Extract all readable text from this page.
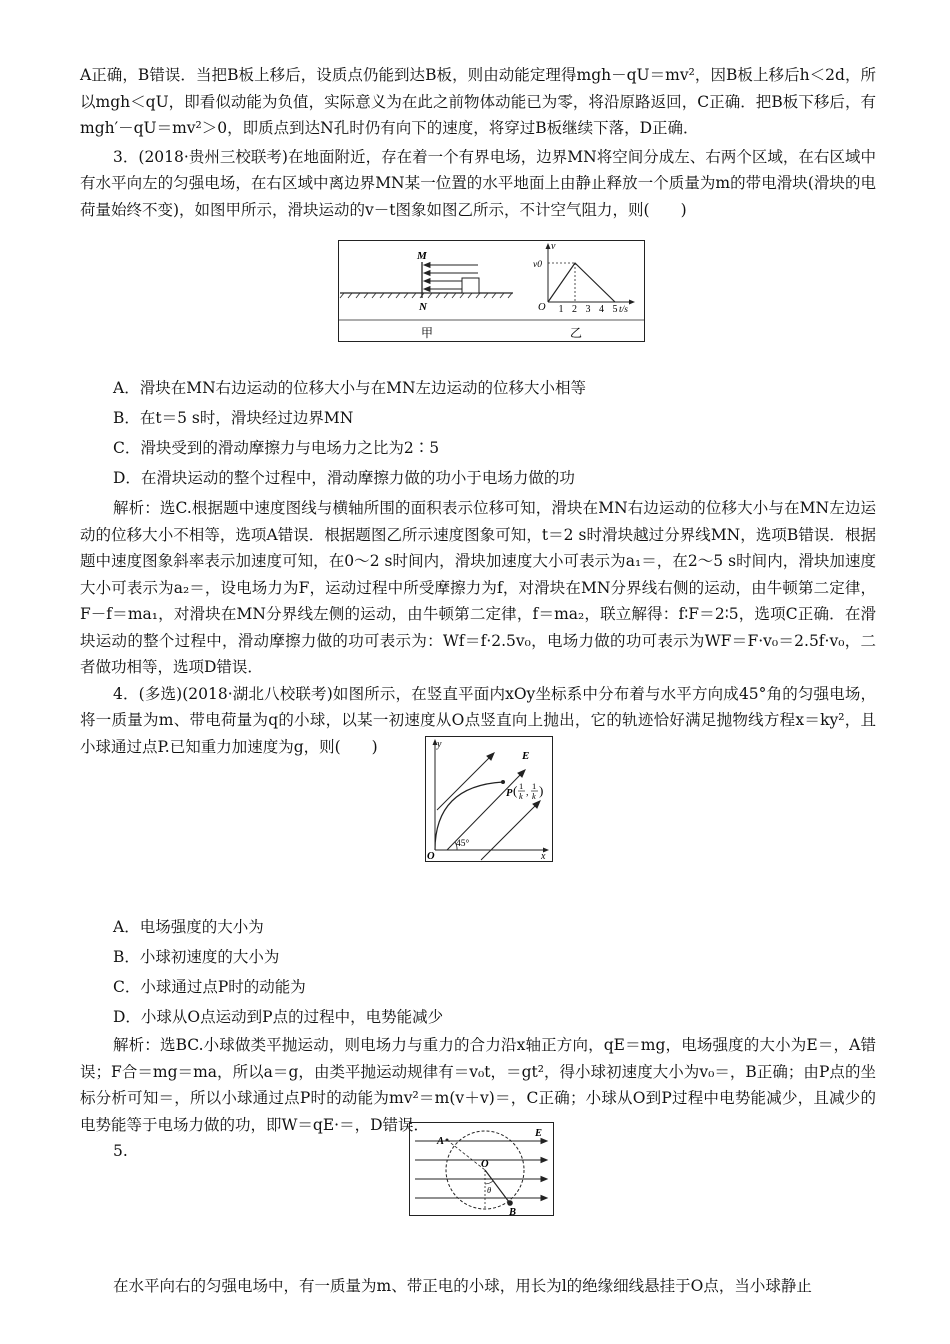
A正确，B错误．当把B板上移后，设质点仍能到达B板，则由动能定理得mgh－qU＝mv²，因B板上移后h＜2d，所以mgh＜qU，即看似动能为负值，实际意义为在此之前物体动能已为零，将沿原路返回，C正确．把B板下移后，有mgh′－qU＝mv²＞0，即质点到达N孔时仍有向下的速度，将穿过B板继续下落，D正确．

3．(2018·贵州三校联考)在地面附近，存在着一个有界电场，边界MN将空间分成左、右两个区域，在右区域中有水平向左的匀强电场，在右区域中离边界MN某一位置的水平地面上由静止释放一个质量为m的带电滑块(滑块的电荷量始终不变)，如图甲所示，滑块运动的v－t图象如图乙所示，不计空气阻力，则(　　)

A．滑块在MN右边运动的位移大小与在MN左边运动的位移大小相等

B．在t＝5 s时，滑块经过边界MN

C．滑块受到的滑动摩擦力与电场力之比为2∶5

D．在滑块运动的整个过程中，滑动摩擦力做的功小于电场力做的功

解析：选C.根据题中速度图线与横轴所围的面积表示位移可知，滑块在MN右边运动的位移大小与在MN左边运动的位移大小不相等，选项A错误．根据题图乙所示速度图象可知，t＝2 s时滑块越过分界线MN，选项B错误．根据题中速度图象斜率表示加速度可知，在0～2 s时间内，滑块加速度大小可表示为a₁＝，在2～5 s时间内，滑块加速度大小可表示为a₂＝，设电场力为F，运动过程中所受摩擦力为f，对滑块在MN分界线右侧的运动，由牛顿第二定律，F－f＝ma₁，对滑块在MN分界线左侧的运动，由牛顿第二定律，f＝ma₂，联立解得：f∶F＝2∶5，选项C正确．在滑块运动的整个过程中，滑动摩擦力做的功可表示为：Wf＝f·2.5v₀，电场力做的功可表示为WF＝F·v₀＝2.5f·v₀，二者做功相等，选项D错误．

4．(多选)(2018·湖北八校联考)如图所示，在竖直平面内xOy坐标系中分布着与水平方向成45°角的匀强电场，将一质量为m、带电荷量为q的小球，以某一初速度从O点竖直向上抛出，它的轨迹恰好满足抛物线方程x＝ky²，且小球通过点P.已知重力加速度为g，则(　　)

A．电场强度的大小为

B．小球初速度的大小为

C．小球通过点P时的动能为

D．小球从O点运动到P点的过程中，电势能减少

解析：选BC.小球做类平抛运动，则电场力与重力的合力沿x轴正方向，qE＝mg，电场强度的大小为E＝，A错误；F合＝mg＝ma，所以a＝g，由类平抛运动规律有＝v₀t，＝gt²，得小球初速度大小为v₀＝，B正确；由P点的坐标分析可知＝，所以小球通过点P时的动能为mv²＝m(v＋v)＝，C正确；小球从O到P过程中电势能减少，且减少的电势能等于电场力做的功，即W＝qE·＝，D错误．

5.

在水平向右的匀强电场中，有一质量为m、带正电的小球，用长为l的绝缘细线悬挂于O点，当小球静止

M
N
v
v0
O 1 2 3 4 5 t/s
甲	乙
y
x
O
E
P ( 1
k ,
1
k )
45°
A
E
O
θ
B
